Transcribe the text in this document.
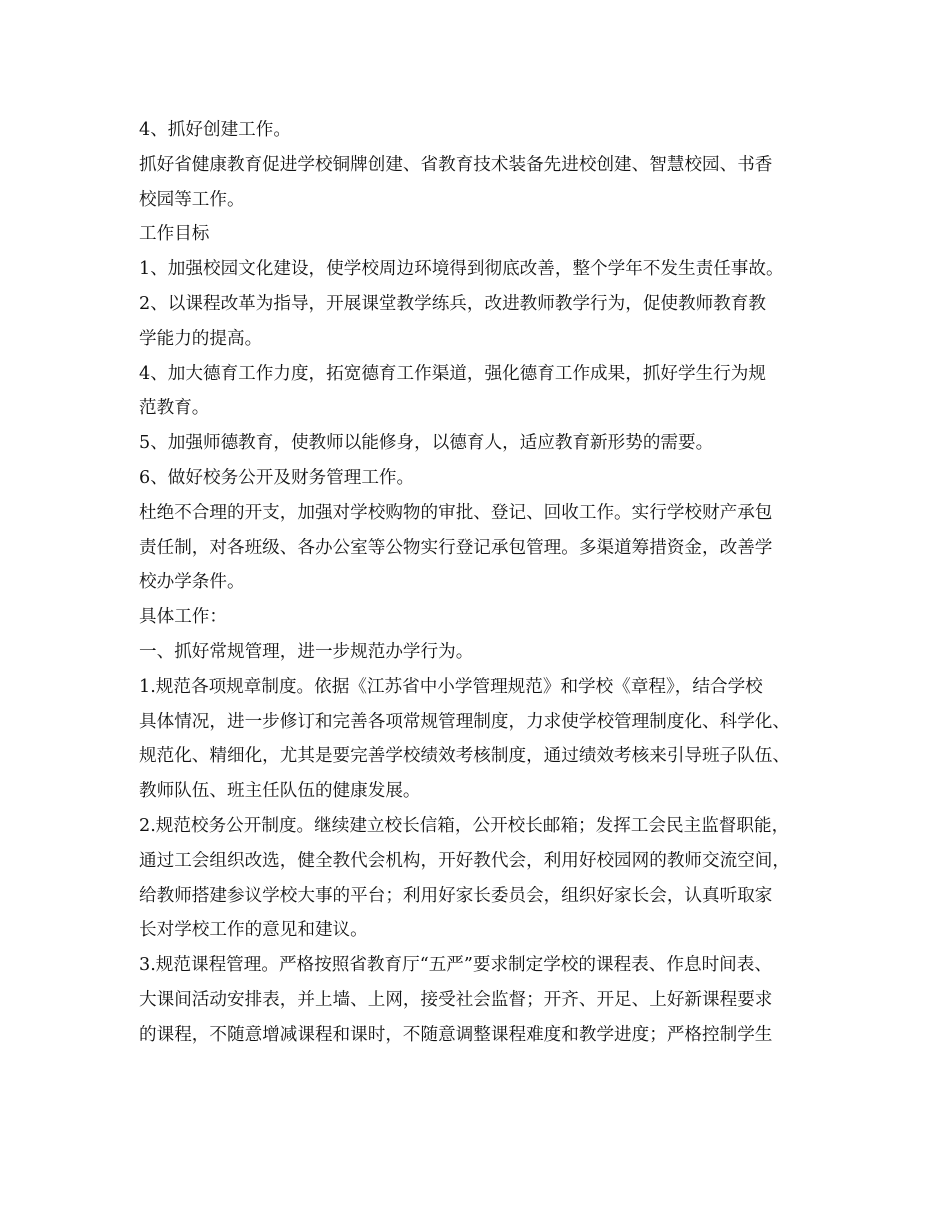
4、抓好创建工作。

抓好省健康教育促进学校铜牌创建、省教育技术装备先进校创建、智慧校园、书香

校园等工作。

工作目标

1、加强校园文化建设，使学校周边环境得到彻底改善，整个学年不发生责任事故。

2、以课程改革为指导，开展课堂教学练兵，改进教师教学行为，促使教师教育教

学能力的提高。

4、加大德育工作力度，拓宽德育工作渠道，强化德育工作成果，抓好学生行为规

范教育。

5、加强师德教育，使教师以能修身，以德育人，适应教育新形势的需要。

6、做好校务公开及财务管理工作。

杜绝不合理的开支，加强对学校购物的审批、登记、回收工作。实行学校财产承包

责任制，对各班级、各办公室等公物实行登记承包管理。多渠道筹措资金，改善学

校办学条件。

具体工作：

一、抓好常规管理，进一步规范办学行为。

1.规范各项规章制度。依据《江苏省中小学管理规范》和学校《章程》，结合学校

具体情况，进一步修订和完善各项常规管理制度，力求使学校管理制度化、科学化、

规范化、精细化，尤其是要完善学校绩效考核制度，通过绩效考核来引导班子队伍、

教师队伍、班主任队伍的健康发展。

2.规范校务公开制度。继续建立校长信箱，公开校长邮箱；发挥工会民主监督职能，

通过工会组织改选，健全教代会机构，开好教代会，利用好校园网的教师交流空间，

给教师搭建参议学校大事的平台；利用好家长委员会，组织好家长会，认真听取家

长对学校工作的意见和建议。

3.规范课程管理。严格按照省教育厅“五严”要求制定学校的课程表、作息时间表、

大课间活动安排表，并上墙、上网，接受社会监督；开齐、开足、上好新课程要求

的课程，不随意增减课程和课时，不随意调整课程难度和教学进度；严格控制学生
